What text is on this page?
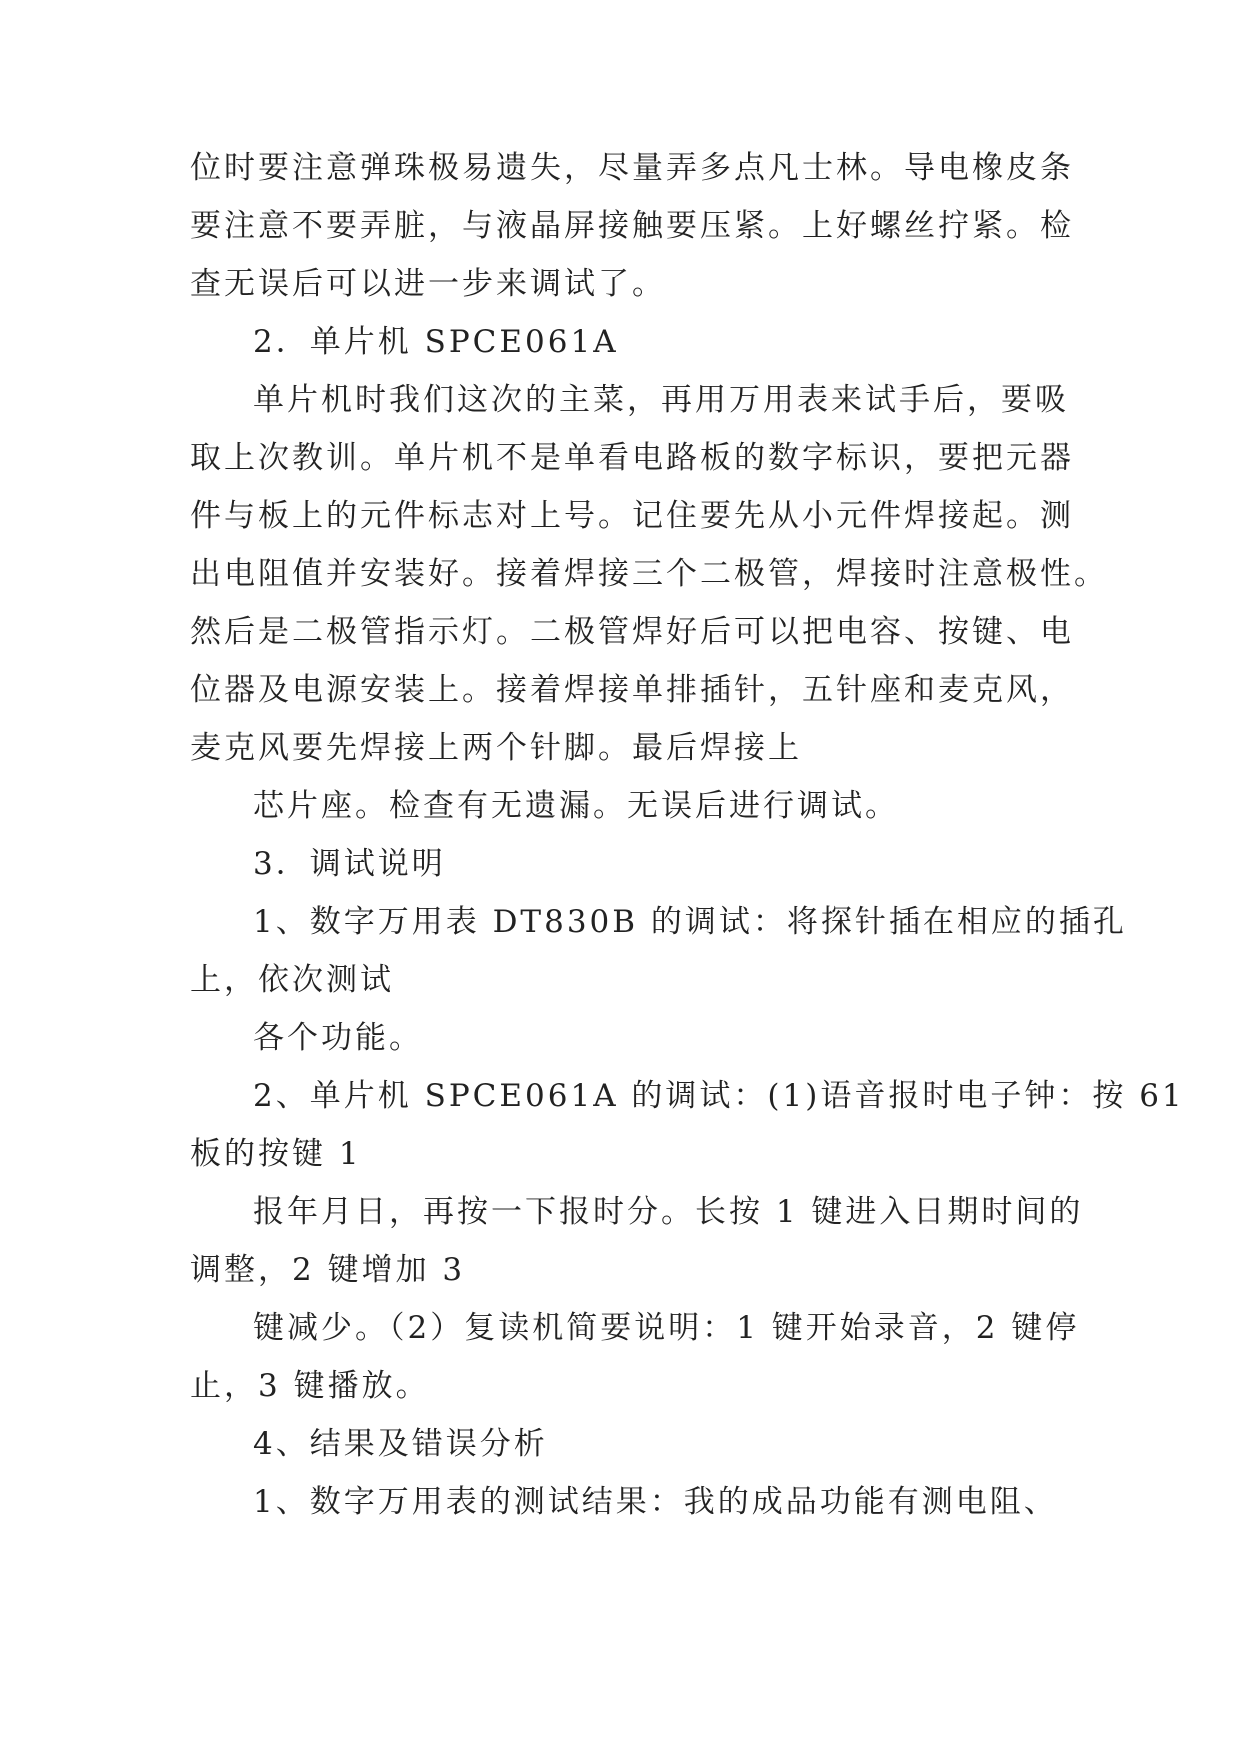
位时要注意弹珠极易遗失，尽量弄多点凡士林。导电橡皮条
要注意不要弄脏，与液晶屏接触要压紧。上好螺丝拧紧。检
查无误后可以进一步来调试了。
2．单片机 SPCE061A
单片机时我们这次的主菜，再用万用表来试手后，要吸
取上次教训。单片机不是单看电路板的数字标识，要把元器
件与板上的元件标志对上号。记住要先从小元件焊接起。测
出电阻值并安装好。接着焊接三个二极管，焊接时注意极性。
然后是二极管指示灯。二极管焊好后可以把电容、按键、电
位器及电源安装上。接着焊接单排插针，五针座和麦克风，
麦克风要先焊接上两个针脚。最后焊接上
芯片座。检查有无遗漏。无误后进行调试。
3．调试说明
1、数字万用表 DT830B 的调试：将探针插在相应的插孔
上，依次测试
各个功能。
2、单片机 SPCE061A 的调试：(1)语音报时电子钟：按 61
板的按键 1
报年月日，再按一下报时分。长按 1 键进入日期时间的
调整，2 键增加 3
键减少。（2）复读机简要说明：1 键开始录音，2 键停
止，3 键播放。
4、结果及错误分析
1、数字万用表的测试结果：我的成品功能有测电阻、
